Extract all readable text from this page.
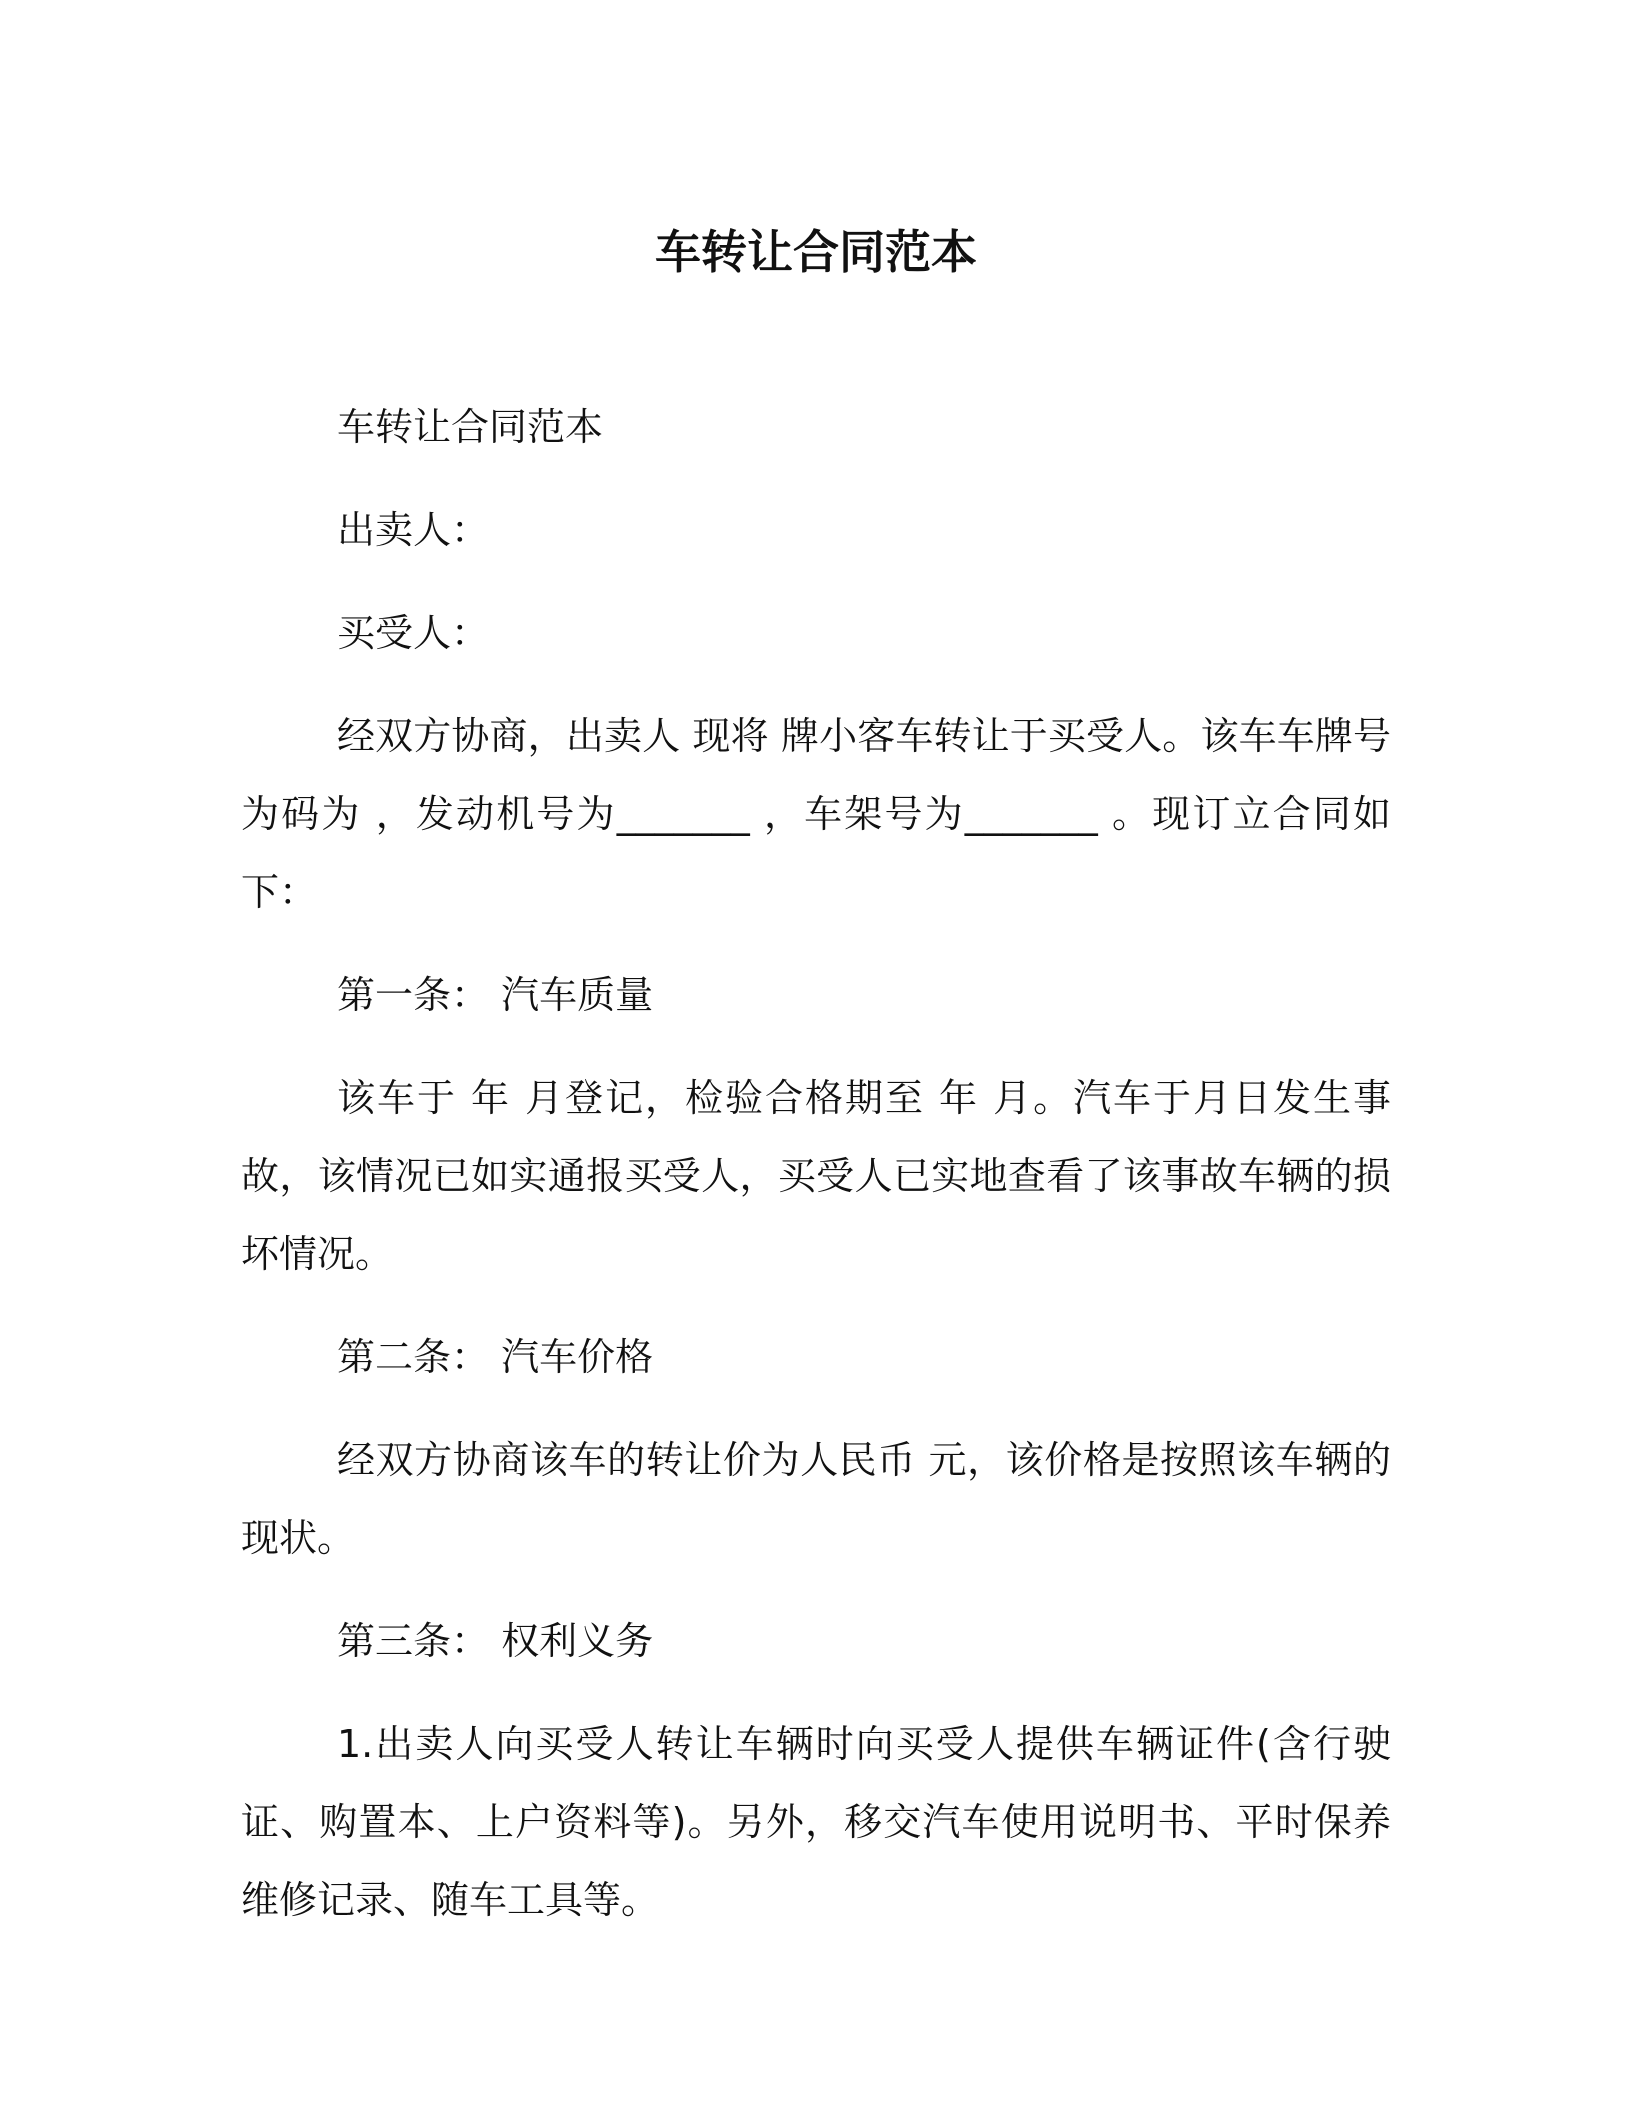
车转让合同范本

车转让合同范本

出卖人：

买受人：

经双方协商，出卖人 现将 牌小客车转让于买受人。该车车牌号为码为 ，发动机号为_______ ，车架号为_______ 。现订立合同如下：

第一条： 汽车质量

该车于 年 月登记，检验合格期至 年 月。汽车于月日发生事故，该情况已如实通报买受人，买受人已实地查看了该事故车辆的损坏情况。

第二条： 汽车价格

经双方协商该车的转让价为人民币 元，该价格是按照该车辆的现状。

第三条： 权利义务

1.出卖人向买受人转让车辆时向买受人提供车辆证件(含行驶证、购置本、上户资料等)。另外，移交汽车使用说明书、平时保养维修记录、随车工具等。
